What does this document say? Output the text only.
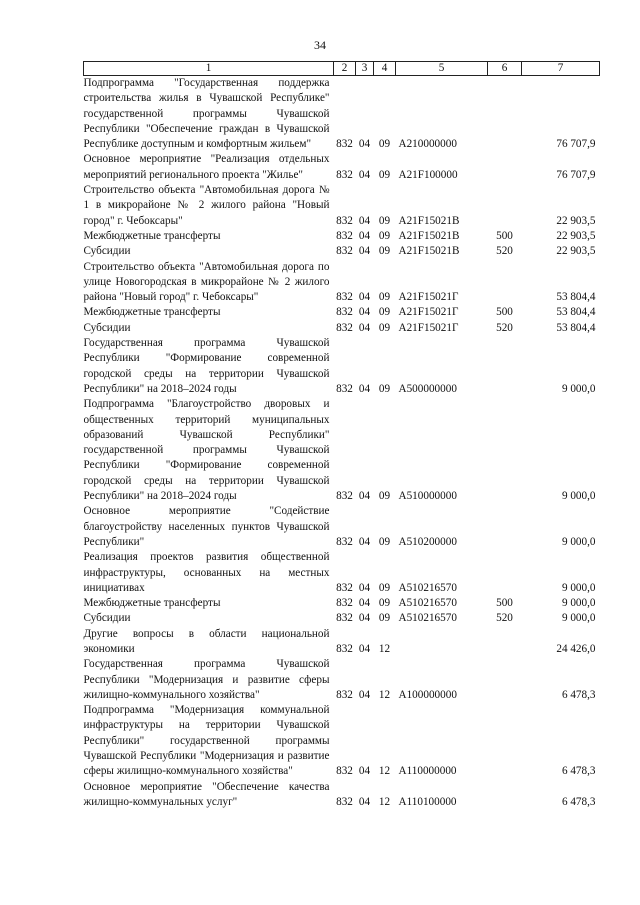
34
1	2	3	4	5	6	7
Подпрограмма "Государственная поддержка строительства жилья в Чувашской Республике" государственной программы Чувашской Республики "Обеспечение граждан в Чувашской Республике доступным и комфортным жильем"	832	04	09	A210000000		76 707,9
Основное мероприятие "Реализация отдельных мероприятий регионального проекта "Жилье"	832	04	09	A21F100000		76 707,9
Строительство объекта "Автомобильная дорога № 1 в микрорайоне № 2 жилого района "Новый город" г. Чебоксары"	832	04	09	A21F15021B		22 903,5
Межбюджетные трансферты	832	04	09	A21F15021B	500	22 903,5
Субсидии	832	04	09	A21F15021B	520	22 903,5
Строительство объекта "Автомобильная дорога по улице Новогородская в микрорайоне № 2 жилого района "Новый город" г. Чебоксары"	832	04	09	A21F15021Г		53 804,4
Межбюджетные трансферты	832	04	09	A21F15021Г	500	53 804,4
Субсидии	832	04	09	A21F15021Г	520	53 804,4
Государственная программа Чувашской Республики "Формирование современной городской среды на территории Чувашской Республики" на 2018–2024 годы	832	04	09	A500000000		9 000,0
Подпрограмма "Благоустройство дворовых и общественных территорий муниципальных образований Чувашской Республики" государственной программы Чувашской Республики "Формирование современной городской среды на территории Чувашской Республики" на 2018–2024 годы	832	04	09	A510000000		9 000,0
Основное мероприятие "Содействие благоустройству населенных пунктов Чувашской Республики"	832	04	09	A510200000		9 000,0
Реализация проектов развития общественной инфраструктуры, основанных на местных инициативах	832	04	09	A510216570		9 000,0
Межбюджетные трансферты	832	04	09	A510216570	500	9 000,0
Субсидии	832	04	09	A510216570	520	9 000,0
Другие вопросы в области национальной экономики	832	04	12			24 426,0
Государственная программа Чувашской Республики "Модернизация и развитие сферы жилищно-коммунального хозяйства"	832	04	12	A100000000		6 478,3
Подпрограмма "Модернизация коммунальной инфраструктуры на территории Чувашской Республики" государственной программы Чувашской Республики "Модернизация и развитие сферы жилищно-коммунального хозяйства"	832	04	12	A110000000		6 478,3
Основное мероприятие "Обеспечение качества жилищно-коммунальных услуг"	832	04	12	A110100000		6 478,3
